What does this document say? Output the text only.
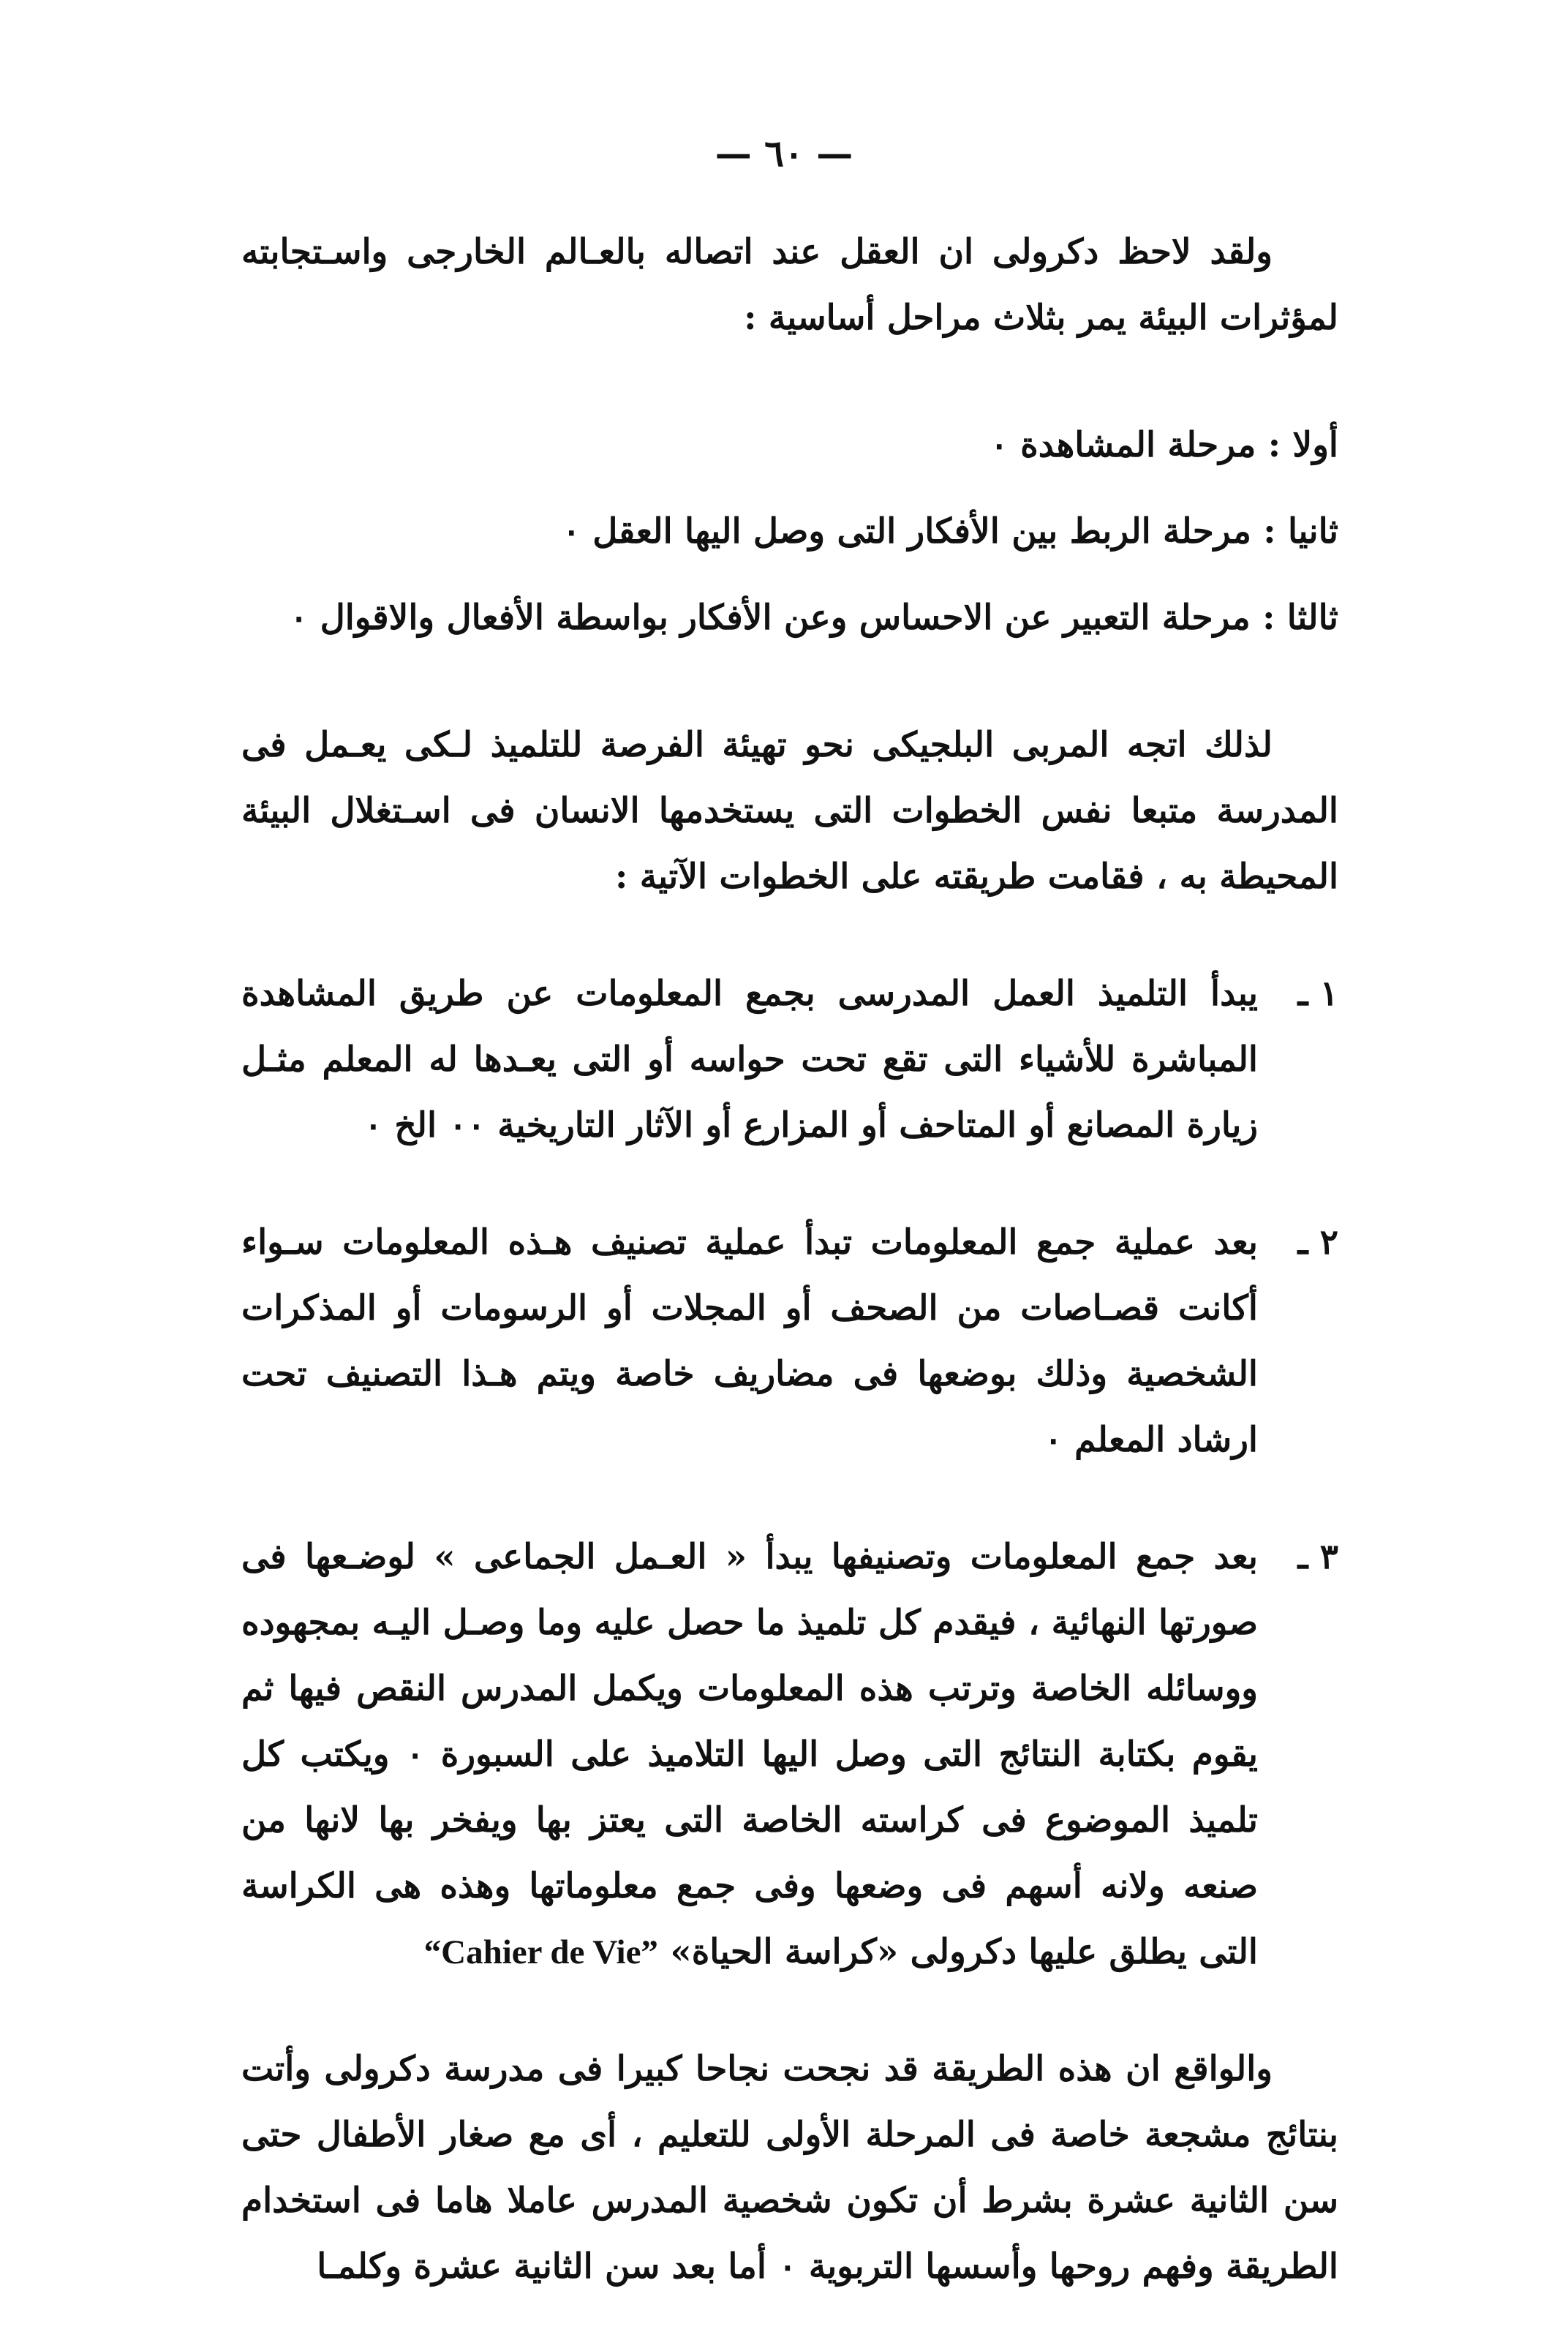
— ٦٠ —

ولقد لاحظ دكرولى ان العقل عند اتصاله بالعـالم الخارجى واسـتجابته لمؤثرات البيئة يمر بثلاث مراحل أساسية :

أولا : مرحلة المشاهدة ٠

ثانيا : مرحلة الربط بين الأفكار التى وصل اليها العقل ٠

ثالثا : مرحلة التعبير عن الاحساس وعن الأفكار بواسطة الأفعال والاقوال ٠

لذلك اتجه المربى البلجيكى نحو تهيئة الفرصة للتلميذ لـكى يعـمل فى المدرسة متبعا نفس الخطوات التى يستخدمها الانسان فى اسـتغلال البيئة المحيطة به ، فقامت طريقته على الخطوات الآتية :

١ ـ
يبدأ التلميذ العمل المدرسى بجمع المعلومات عن طريق المشاهدة المباشرة للأشياء التى تقع تحت حواسه أو التى يعـدها له المعلم مثـل زيارة المصانع أو المتاحف أو المزارع أو الآثار التاريخية ٠٠ الخ ٠
٢ ـ
بعد عملية جمع المعلومات تبدأ عملية تصنيف هـذه المعلومات سـواء أكانت قصـاصات من الصحف أو المجلات أو الرسومات أو المذكرات الشخصية وذلك بوضعها فى مضاريف خاصة ويتم هـذا التصنيف تحت ارشاد المعلم ٠
٣ ـ
بعد جمع المعلومات وتصنيفها يبدأ « العـمل الجماعى » لوضـعها فى صورتها النهائية ، فيقدم كل تلميذ ما حصل عليه وما وصـل اليـه بمجهوده ووسائله الخاصة وترتب هذه المعلومات ويكمل المدرس النقص فيها ثم يقوم بكتابة النتائج التى وصل اليها التلاميذ على السبورة ٠ ويكتب كل تلميذ الموضوع فى كراسته الخاصة التى يعتز بها ويفخر بها لانها من صنعه ولانه أسهم فى وضعها وفى جمع معلوماتها وهذه هى الكراسة التى يطلق عليها دكرولى «كراسة الحياة» “Cahier de Vie”

والواقع ان هذه الطريقة قد نجحت نجاحا كبيرا فى مدرسة دكرولى وأتت بنتائج مشجعة خاصة فى المرحلة الأولى للتعليم ، أى مع صغار الأطفال حتى سن الثانية عشرة بشرط أن تكون شخصية المدرس عاملا هاما فى استخدام الطريقة وفهم روحها وأسسها التربوية ٠ أما بعد سن الثانية عشرة وكلمـا
